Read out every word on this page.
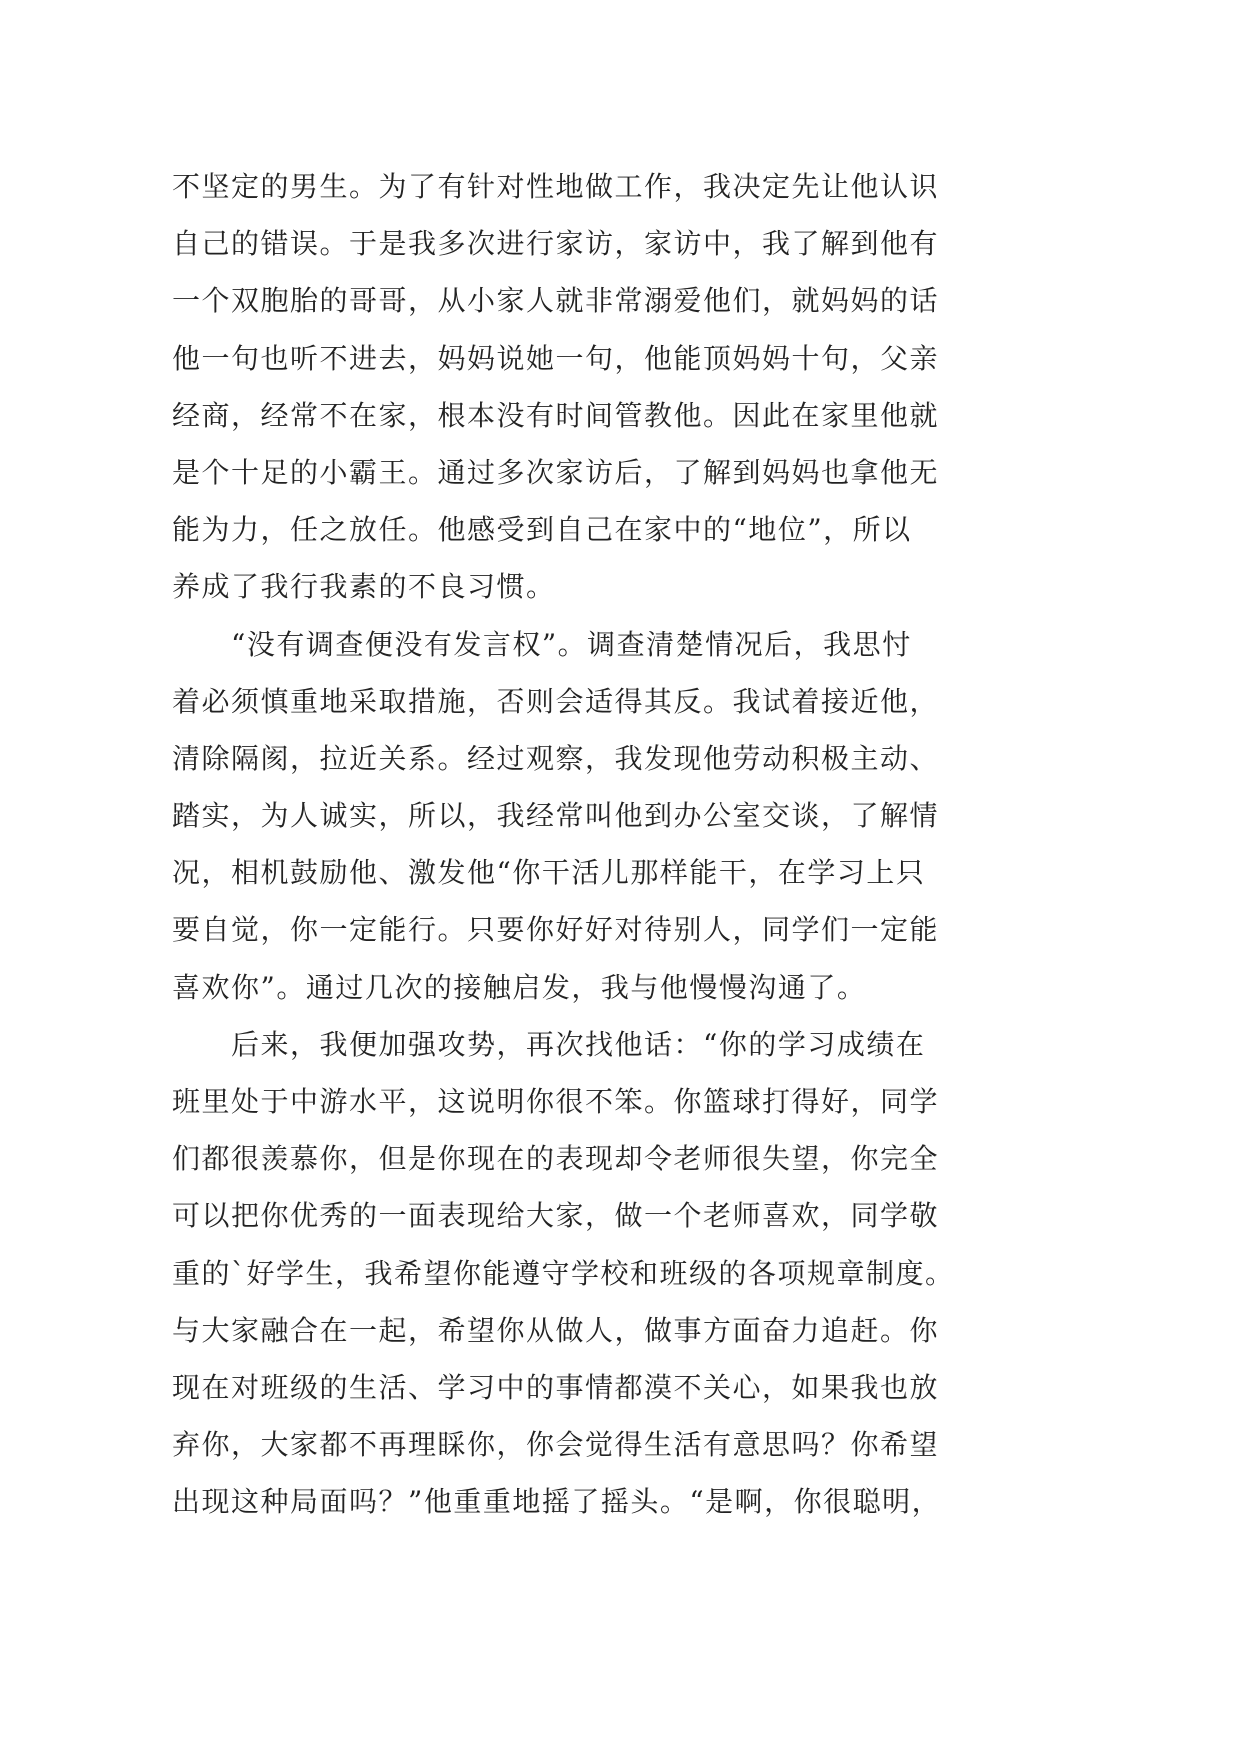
不坚定的男生。为了有针对性地做工作，我决定先让他认识
自己的错误。于是我多次进行家访，家访中，我了解到他有
一个双胞胎的哥哥，从小家人就非常溺爱他们，就妈妈的话
他一句也听不进去，妈妈说她一句，他能顶妈妈十句，父亲
经商，经常不在家，根本没有时间管教他。因此在家里他就
是个十足的小霸王。通过多次家访后，了解到妈妈也拿他无
能为力，任之放任。他感受到自己在家中的“地位”，所以
养成了我行我素的不良习惯。
“没有调查便没有发言权”。调查清楚情况后，我思忖
着必须慎重地采取措施，否则会适得其反。我试着接近他，
清除隔阂，拉近关系。经过观察，我发现他劳动积极主动、
踏实，为人诚实，所以，我经常叫他到办公室交谈，了解情
况，相机鼓励他、激发他“你干活儿那样能干，在学习上只
要自觉，你一定能行。只要你好好对待别人，同学们一定能
喜欢你”。通过几次的接触启发，我与他慢慢沟通了。
后来，我便加强攻势，再次找他话：“你的学习成绩在
班里处于中游水平，这说明你很不笨。你篮球打得好，同学
们都很羡慕你，但是你现在的表现却令老师很失望，你完全
可以把你优秀的一面表现给大家，做一个老师喜欢，同学敬
重的`好学生，我希望你能遵守学校和班级的各项规章制度。
与大家融合在一起，希望你从做人，做事方面奋力追赶。你
现在对班级的生活、学习中的事情都漠不关心，如果我也放
弃你，大家都不再理睬你，你会觉得生活有意思吗？你希望
出现这种局面吗？”他重重地摇了摇头。“是啊，你很聪明，
